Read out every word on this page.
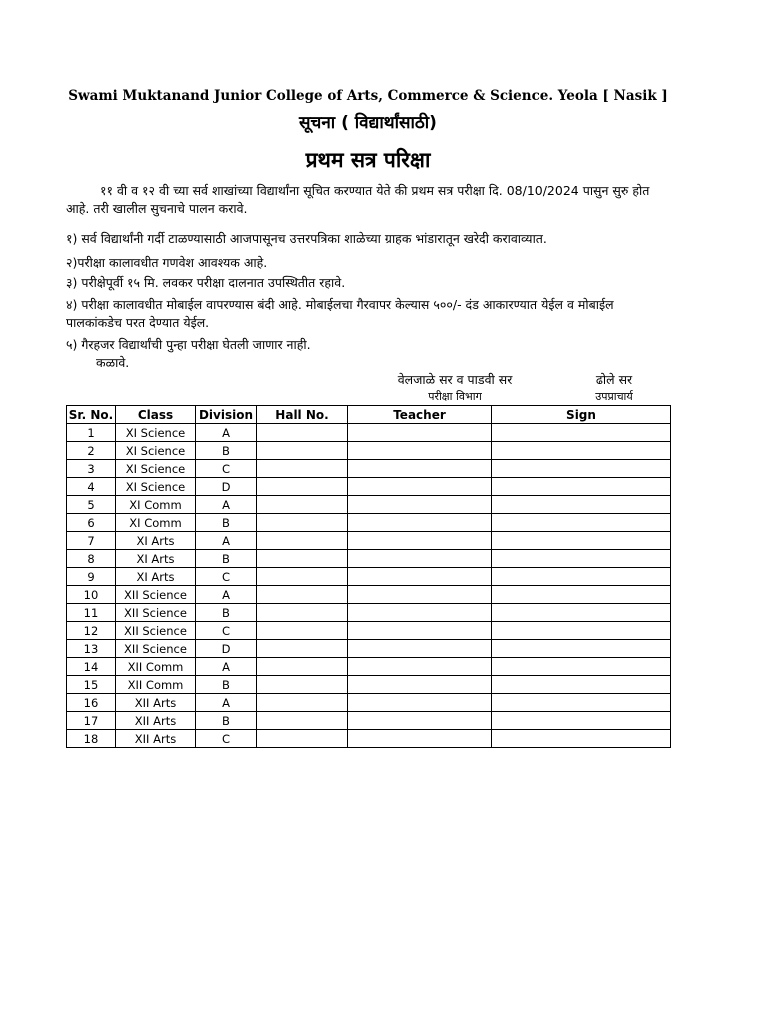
Swami Muktanand Junior College of Arts, Commerce & Science. Yeola [ Nasik ]
सूचना ( विद्यार्थांसाठी)
प्रथम सत्र परिक्षा
११ वी व १२ वी च्या सर्व शाखांच्या विद्यार्थांना सूचित करण्यात येते की प्रथम सत्र परीक्षा दि. 08/10/2024 पासुन सुरु होत आहे. तरी खालील सुचनाचे पालन करावे.
१) सर्व विद्यार्थांनी गर्दी टाळण्यासाठी आजपासूनच उत्तरपत्रिका शाळेच्या ग्राहक भांडारातून खरेदी करावाव्यात.
२)परीक्षा कालावधीत गणवेश आवश्यक आहे.
३) परीक्षेपूर्वी १५ मि. लवकर परीक्षा दालनात उपस्थितीत रहावे.
४) परीक्षा कालावधीत मोबाईल वापरण्यास बंदी आहे. मोबाईलचा गैरवापर केल्यास ५००/- दंड आकारण्यात येईल व मोबाईल पालकांकडेच परत देण्यात येईल.
५) गैरहजर विद्यार्थांची पुन्हा परीक्षा घेतली जाणार नाही.
कळावे.
वेलजाळे सर व पाडवी सर
परीक्षा विभाग
ढोले सर
उपप्राचार्य
Sr. No.	Class	Division	Hall No.	Teacher	Sign
1	XI Science	A			
2	XI Science	B			
3	XI Science	C			
4	XI Science	D			
5	XI Comm	A			
6	XI Comm	B			
7	XI Arts	A			
8	XI Arts	B			
9	XI Arts	C			
10	XII Science	A			
11	XII Science	B			
12	XII Science	C			
13	XII Science	D			
14	XII Comm	A			
15	XII Comm	B			
16	XII Arts	A			
17	XII Arts	B			
18	XII Arts	C			
